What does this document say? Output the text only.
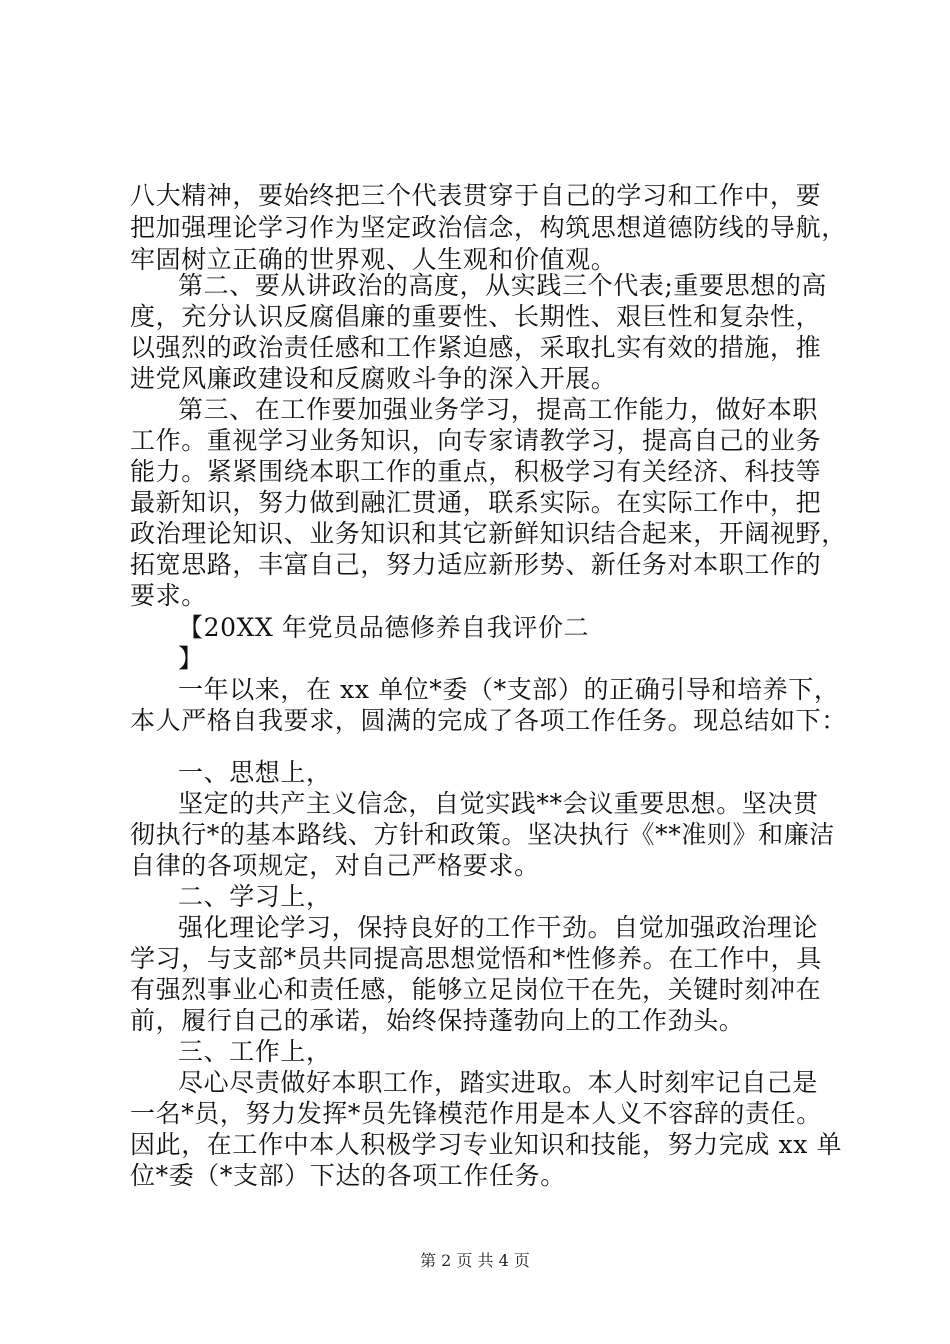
八大精神，要始终把三个代表贯穿于自己的学习和工作中，要
把加强理论学习作为坚定政治信念，构筑思想道德防线的导航，
牢固树立正确的世界观、人生观和价值观。
第二、要从讲政治的高度，从实践三个代表;重要思想的高
度，充分认识反腐倡廉的重要性、长期性、艰巨性和复杂性，
以强烈的政治责任感和工作紧迫感，采取扎实有效的措施，推
进党风廉政建设和反腐败斗争的深入开展。
第三、在工作要加强业务学习，提高工作能力，做好本职
工作。重视学习业务知识，向专家请教学习，提高自己的业务
能力。紧紧围绕本职工作的重点，积极学习有关经济、科技等
最新知识，努力做到融汇贯通，联系实际。在实际工作中，把
政治理论知识、业务知识和其它新鲜知识结合起来，开阔视野，
拓宽思路，丰富自己，努力适应新形势、新任务对本职工作的
要求。
【20XX 年党员品德修养自我评价二
】
一年以来，在 xx 单位*委（*支部）的正确引导和培养下，
本人严格自我要求，圆满的完成了各项工作任务。现总结如下：
一、思想上，
坚定的共产主义信念，自觉实践**会议重要思想。坚决贯
彻执行*的基本路线、方针和政策。坚决执行《**准则》和廉洁
自律的各项规定，对自己严格要求。
二、学习上，
强化理论学习，保持良好的工作干劲。自觉加强政治理论
学习，与支部*员共同提高思想觉悟和*性修养。在工作中，具
有强烈事业心和责任感，能够立足岗位干在先，关键时刻冲在
前，履行自己的承诺，始终保持蓬勃向上的工作劲头。
三、工作上，
尽心尽责做好本职工作，踏实进取。本人时刻牢记自己是
一名*员，努力发挥*员先锋模范作用是本人义不容辞的责任。
因此，在工作中本人积极学习专业知识和技能，努力完成 xx 单
位*委（*支部）下达的各项工作任务。
第 2 页 共 4 页
